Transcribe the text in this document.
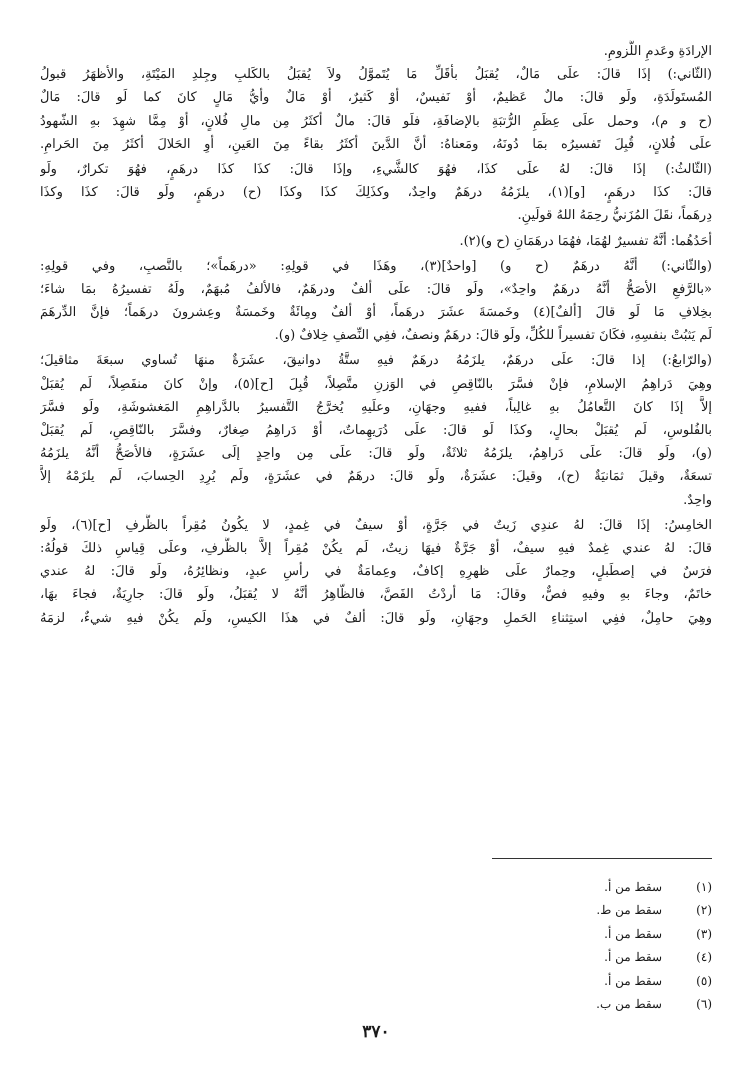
الإرادَةِ وعَدمِ اللُّزومِ.

(الثّاني:) إذَا قالَ: علَى مَالٌ، يُقبَلُ بأقَلِّ مَا يُتَموَّلُ ولاَ يُقبَلُ بالكَلبِ وجِلدِ المَيْتَةِ، والأظهَرُ قبولُ

المُستَولَدَةِ، ولَو قالَ: مالٌ عَظيمٌ، أوْ نَفيسٌ، أوْ كَثيرٌ، أوْ مَالٌ وأيُّ مَالٍ كانَ كما لَو قالَ: مَالٌ

(ح و م)، وحمل علَى عِظَمِ الرُّتبَةِ بالإضافَةِ، فلَو قالَ: مالٌ أكثَرُ مِن مالِ فُلانٍ، أوْ مِمَّا شهِدَ بهِ الشّهودُ

علَى فُلانٍ، قُبِلَ تَفسيرُه بمَا دُونَهُ، ومَعناهُ: أنَّ الدَّينَ أكثَرُ بقاءً مِنَ العَينِ، أوِ الحَلالَ أكثَرُ مِنَ الحَرامِ.

(الثّالثُ:) إذَا قالَ: لهُ علَى كذَا، فهُوَ كالشَّيءِ، وإذَا قالَ: كذَا كذَا درهَمٍ، فهُوَ تكرارٌ، ولَو

قالَ: كذَا درهَمٍ، [و](١)، يلزَمُهُ درهَمٌ واحِدٌ، وكذَلِكَ كذَا وكذَا (ح) درهَمٍ، ولَو قالَ: كذَا وكذَا

دِرهَماً، نقَلَ المُزَنيُّ رحِمَهُ اللهُ قولَينِ.

أحَدُهُما: أنَّهُ تفسيرٌ لهُمَا، فهُمَا درهَمَانِ (ح و)(٢).

(والثّاني:) أنَّهُ درهَمٌ (ح و) [واحدٌ](٣)، وهَذَا في قولِهِ: «درهَماً»؛ بالنَّصبِ، وفي قولِهِ:

«بالرَّفعِ الأصَحُّ أنَّهُ درهَمٌ واحِدٌ»، ولَو قالَ: علَى ألفٌ ودرهَمٌ، فالألفُ مُبهَمٌ، ولَهُ تفسيرُهُ بمَا شاءَ؛

بخِلافِ مَا لَو قالَ [ألفٌ](٤) وخَمسَةَ عشَرَ درهَماً، أوْ ألفٌ ومِائَةٌ وخَمسَةٌ وعِشرونَ درهَماً؛ فإنَّ الدِّرهَمَ

لَم يَثبُتْ بنفسِهِ، فكَانَ تفسيراً للكُلِّ، ولَو قالَ: درهَمٌ ونصفٌ، ففِي النِّصفِ خِلافٌ (و).

(والرّابعُ:) إذا قالَ: علَى درهَمٌ، يلزَمُهُ درهَمٌ فيهِ ستَّةُ دوانيقَ، عشَرَةٌ منهَا تُساوي سبعَةَ مثاقيلَ؛

وهِيَ دَراهِمُ الإسلامِ، فإنْ فسَّرَ بالنّاقِصِ في الوَزنِ متَّصِلاً، قُبِلَ [ح](٥)، وإنْ كانَ منفَصِلاً، لَم يُقبَلْ

إلاَّ إذَا كانَ التَّعامُلُ بهِ غالِباً، ففيهِ وجهَانِ، وعلَيهِ يُخرَّجُ التَّفسيرُ بالدَّراهِمِ المَغشوشَةِ، ولَو فسَّرَ

بالفُلوسِ، لَم يُقبَلْ بحالٍ، وكذَا لَو قالَ: علَى دُرَيهِماتٌ، أوْ دَراهِمُ صِغارٌ، وفسَّرَ بالنّاقِصِ، لَم يُقبَلْ

(و)، ولَو قالَ: علَى دَراهِمُ، يلزَمُهُ ثلاثَةٌ، ولَو قالَ: علَى مِن واحِدٍ إلَى عشَرَةٍ، فالأصَحُّ أنَّهُ يلزَمُهُ

تسعَةٌ، وقيلَ ثمَانيَةٌ (ح)، وقيلَ: عشَرَةٌ، ولَو قالَ: درهَمٌ في عشَرَةٍ، ولَم يُرِدِ الحِسابَ، لَم يلزَمْهُ إلاَّ

واحِدٌ.

الخامِسُ: إذَا قالَ: لهُ عندِي زَيتٌ في جَرَّةٍ، أوْ سيفٌ في غِمدٍ، لا يكُونُ مُقِراً بالظَّرفِ [ح](٦)، ولَو

قالَ: لهُ عندي غِمدٌ فيهِ سيفٌ، أوْ جَرَّةٌ فيهَا زيتٌ، لَم يكُنْ مُقِراً إلاَّ بالظَّرفِ، وعلَى قِياسِ ذلكَ قولُهُ:

فرَسٌ في إصطَبلٍ، وحِمارٌ علَى ظهرِهِ إكافٌ، وعِمامَةٌ في رأسِ عبدٍ، ونظائِرُهُ، ولَو قالَ: لهُ عندي

خاتَمٌ، وجاءَ بهِ وفيهِ فصٌّ، وقالَ: مَا أردْتُ الفَصَّ، فالظّاهِرُ أنَّهُ لا يُقبَلُ، ولَو قالَ: جارِيَةٌ، فجاءَ بهَا،

وهِيَ حامِلٌ، ففِي استِثناءِ الحَملِ وجهَانِ، ولَو قالَ: ألفٌ في هذَا الكيسِ، ولَم يكُنْ فيهِ شيءٌ، لزمَهُ

(١)سقط من أ.
(٢)سقط من ط.
(٣)سقط من أ.
(٤)سقط من أ.
(٥)سقط من أ.
(٦)سقط من ب.
٣٧٠
